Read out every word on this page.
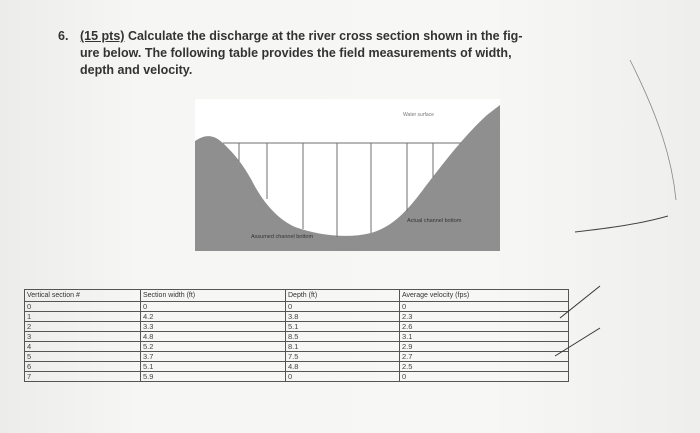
6. (15 pts) Calculate the discharge at the river cross section shown in the fig-
ure below. The following table provides the field measurements of width,
depth and velocity.
Water surface
Actual channel bottom
Assumed channel bottom
Vertical section #	Section width (ft)	Depth (ft)	Average velocity (fps)
0	0	0	0
1	4.2	3.8	2.3
2	3.3	5.1	2.6
3	4.8	8.5	3.1
4	5.2	8.1	2.9
5	3.7	7.5	2.7
6	5.1	4.8	2.5
7	5.9	0	0
